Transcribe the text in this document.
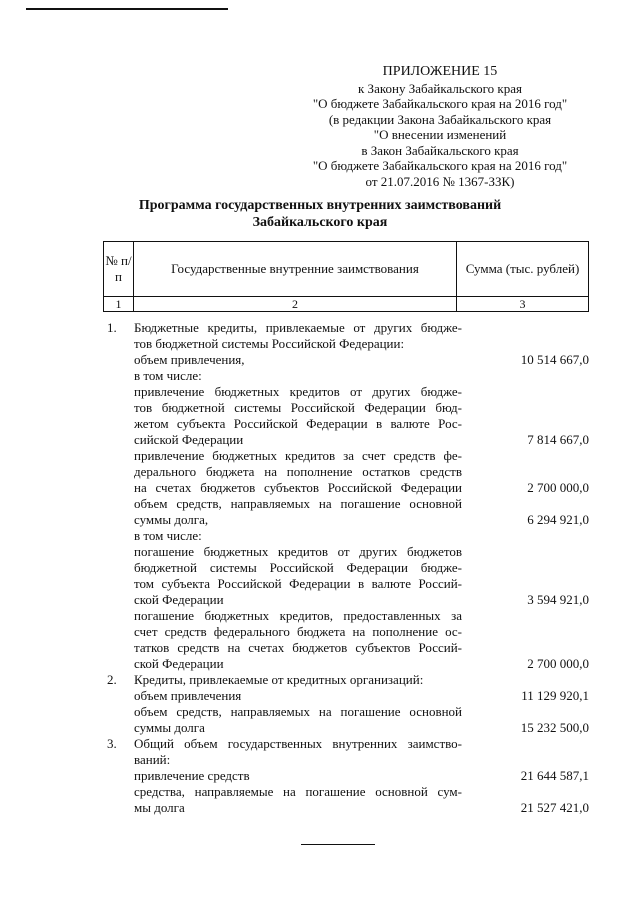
ПРИЛОЖЕНИЕ 15
к Закону Забайкальского края
"О бюджете Забайкальского края на 2016 год"
(в редакции Закона Забайкальского края
"О внесении изменений
в Закон Забайкальского края
"О бюджете Забайкальского края на 2016 год"
от 21.07.2016 № 1367-ЗЗК)
Программа государственных внутренних заимствований
Забайкальского края
№ п/п	Государственные внутренние заимствования	Сумма (тыс. рублей)
1	2	3
1.	Бюджетные кредиты, привлекаемые от других бюдже-
тов бюджетной системы Российской Федерации:
объем привлечения,	10 514 667,0
в том числе:
привлечение бюджетных кредитов от других бюдже-
тов бюджетной системы Российской Федерации бюд-
жетом субъекта Российской Федерации в валюте Рос-
сийской Федерации	7 814 667,0
привлечение бюджетных кредитов за счет средств фе-
дерального бюджета на пополнение остатков средств
на счетах бюджетов субъектов Российской Федерации	2 700 000,0
объем средств, направляемых на погашение основной
суммы долга,	6 294 921,0
в том числе:
погашение бюджетных кредитов от других бюджетов
бюджетной системы Российской Федерации бюдже-
том субъекта Российской Федерации в валюте Россий-
ской Федерации	3 594 921,0
погашение бюджетных кредитов, предоставленных за
счет средств федерального бюджета на пополнение ос-
татков средств на счетах бюджетов субъектов Россий-
ской Федерации	2 700 000,0
2.	Кредиты, привлекаемые от кредитных организаций:
объем привлечения	11 129 920,1
объем средств, направляемых на погашение основной
суммы долга	15 232 500,0
3.	Общий объем государственных внутренних заимство-
ваний:
привлечение средств	21 644 587,1
средства, направляемые на погашение основной сум-
мы долга	21 527 421,0
